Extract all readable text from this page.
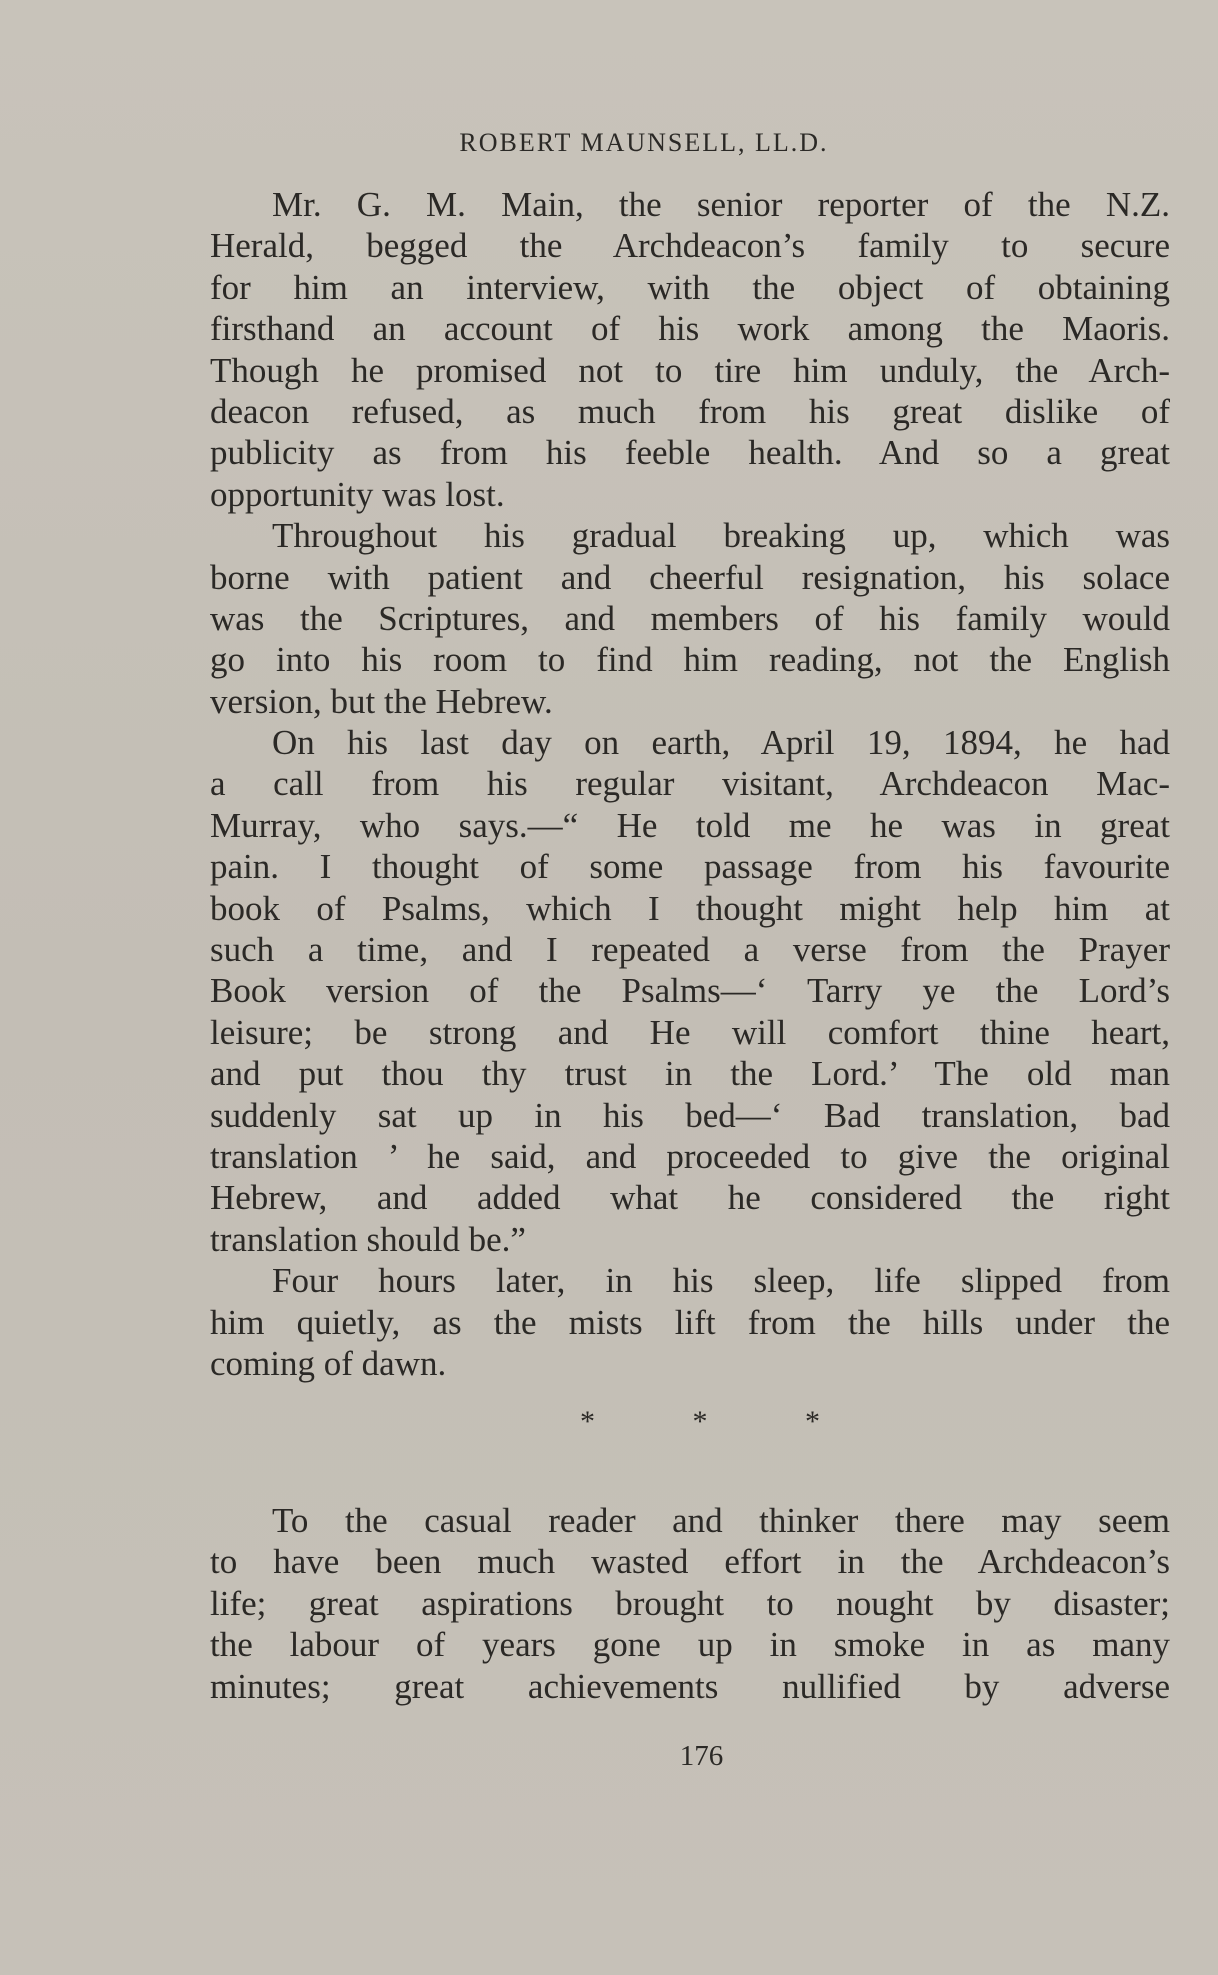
ROBERT MAUNSELL, LL.D.
Mr. G. M. Main, the senior reporter of the N.Z.
Herald, begged the Archdeacon’s family to secure
for him an interview, with the object of obtaining
firsthand an account of his work among the Maoris.
Though he promised not to tire him unduly, the Arch-
deacon refused, as much from his great dislike of
publicity as from his feeble health. And so a great
opportunity was lost.
Throughout his gradual breaking up, which was
borne with patient and cheerful resignation, his solace
was the Scriptures, and members of his family would
go into his room to find him reading, not the English
version, but the Hebrew.
On his last day on earth, April 19, 1894, he had
a call from his regular visitant, Archdeacon Mac-
Murray, who says.—“ He told me he was in great
pain. I thought of some passage from his favourite
book of Psalms, which I thought might help him at
such a time, and I repeated a verse from the Prayer
Book version of the Psalms—‘ Tarry ye the Lord’s
leisure; be strong and He will comfort thine heart,
and put thou thy trust in the Lord.’ The old man
suddenly sat up in his bed—‘ Bad translation, bad
translation ’ he said, and proceeded to give the original
Hebrew, and added what he considered the right
translation should be.”
Four hours later, in his sleep, life slipped from
him quietly, as the mists lift from the hills under the
coming of dawn.
*	*	*
To the casual reader and thinker there may seem
to have been much wasted effort in the Archdeacon’s
life; great aspirations brought to nought by disaster;
the labour of years gone up in smoke in as many
minutes; great achievements nullified by adverse
176
